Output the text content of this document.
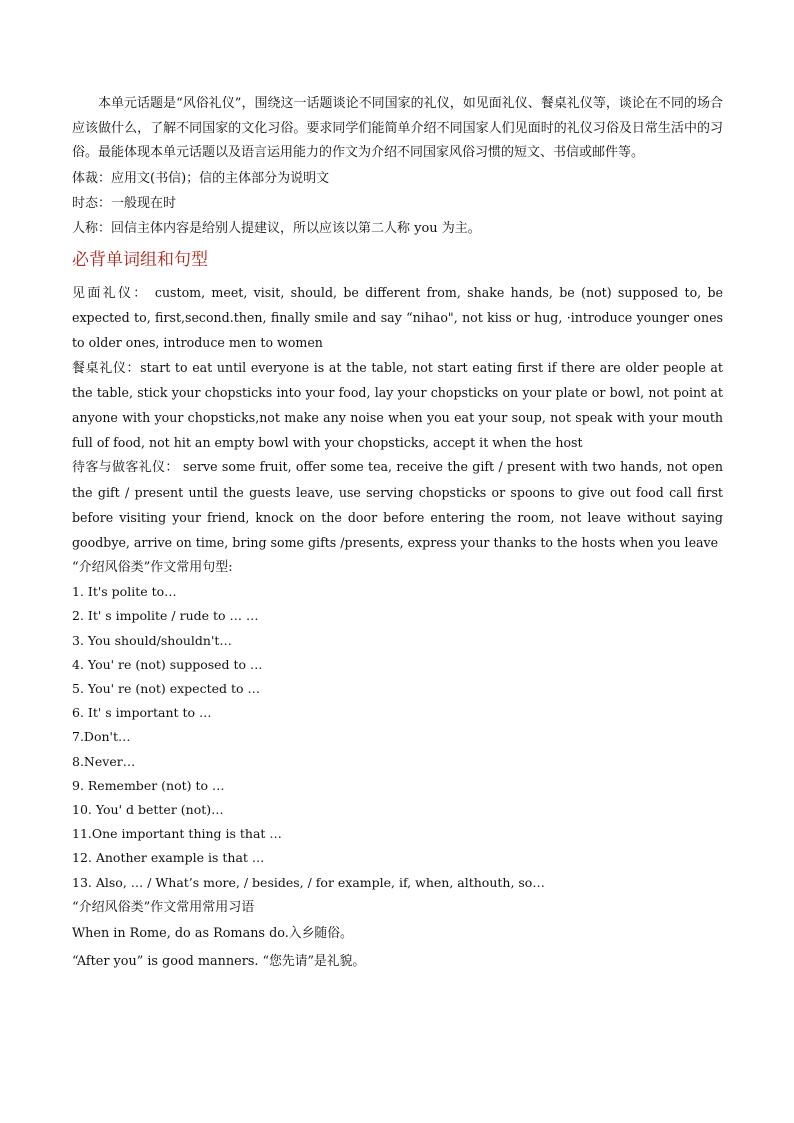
本单元话题是“风俗礼仪”，围绕这一话题谈论不同国家的礼仪，如见面礼仪、餐桌礼仪等，谈论在不同的场合应该做什么，了解不同国家的文化习俗。要求同学们能简单介绍不同国家人们见面时的礼仪习俗及日常生活中的习俗。最能体现本单元话题以及语言运用能力的作文为介绍不同国家风俗习惯的短文、书信或邮件等。

体裁：应用文(书信)；信的主体部分为说明文

时态：一般现在时

人称：回信主体内容是给别人提建议，所以应该以第二人称 you 为主。

必背单词组和句型

见面礼仪： custom, meet, visit, should, be different from, shake hands, be (not) supposed to, be expected to, first,second.then, finally smile and say “nihao", not kiss or hug, ·introduce younger ones to older ones, introduce men to women

餐桌礼仪：start to eat until everyone is at the table, not start eating first if there are older people at the table, stick your chopsticks into your food, lay your chopsticks on your plate or bowl, not point at anyone with your chopsticks,not make any noise when you eat your soup, not speak with your mouth full of food, not hit an empty bowl with your chopsticks, accept it when the host

待客与做客礼仪： serve some fruit, offer some tea, receive the gift / present with two hands, not open the gift / present until the guests leave, use serving chopsticks or spoons to give out food call first before visiting your friend, knock on the door before entering the room, not leave without saying goodbye, arrive on time, bring some gifts /presents, express your thanks to the hosts when you leave

“介绍风俗类”作文常用句型:

1. It's polite to…

2. It' s impolite / rude to … …

3. You should/shouldn't…

4. You' re (not) supposed to …

5. You' re (not) expected to …

6. It' s important to …

7.Don't…

8.Never…

9. Remember (not) to …

10. You' d better (not)…

11.One important thing is that …

12. Another example is that …

13. Also, … / What’s more, / besides, / for example, if, when, althouth, so…

“介绍风俗类”作文常用常用习语

When in Rome, do as Romans do.入乡随俗。

“After you” is good manners. “您先请”是礼貌。
